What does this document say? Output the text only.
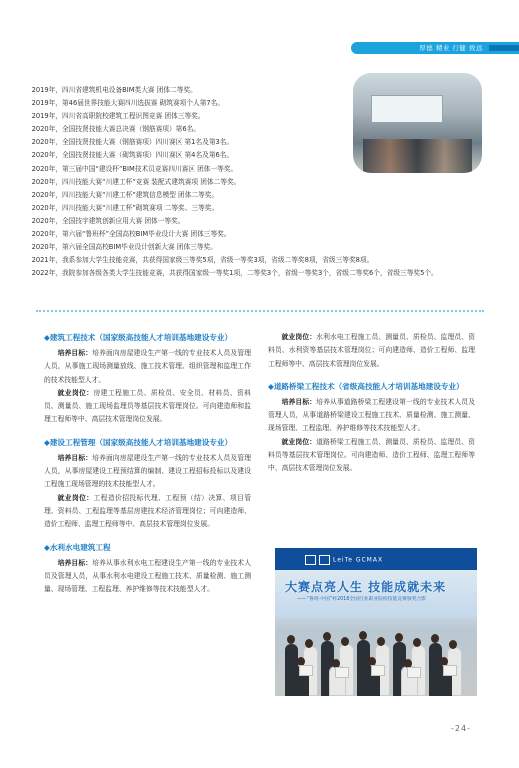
厚德 精业 行健 致远
2019年，四川省建筑机电设备BIM类大赛 团体二等奖。
2019年，第46届世界技能大赛四川选拔赛 砌筑赛项个人第7名。
2019年，四川省高职院校建筑工程识图竞赛 团体三等奖。
2020年，全国技贤技能大赛总决赛（钢筋赛项）第6名。
2020年，全国技贤技能大赛（钢筋赛项）四川赛区 第1名及第3名。
2020年，全国技贤技能大赛（砌筑赛项）四川赛区 第4名及第6名。
2020年，第三届中国“建设杯”BIM技术员竞赛四川赛区 团体一等奖。
2020年，四川技能大赛“川建工杯”竞赛 装配式建筑赛项 团体二等奖。
2020年，四川技能大赛“川建工杯”建筑信息模型 团体二等奖。
2020年，四川技能大赛“川建工杯”砌筑赛项 二等奖、三等奖。
2020年，全国技宇建筑创新应用大赛 团体一等奖。
2020年，第六届“鲁班杯”全国高校BIM毕业设计大赛 团体三等奖。
2020年，第六届全国高校BIM毕业设计创新大赛 团体三等奖。
2021年，我系参加大学生技能竞赛，共获得国家级三等奖5项，省级一等奖3项，省级二等奖8项，省级三等奖8项。
2022年，我院参加各级各类大学生技能竞赛，共获得国家级一等奖1项，二等奖3个，省级一等奖3个，省级二等奖6个，省级三等奖5个。
◆建筑工程技术（国家级高技能人才培训基地建设专业）

培养目标：培养面向房屋建设生产第一线的专业技术人员及管理人员，从事施工现场测量放线、施工技术管理、组织管理和监理工作的技术技能型人才。

就业岗位：房建工程施工员、质检员、安全员、材料员、资料员、测量员、施工现场监理员等基层技术管理岗位。可向建造师和监理工程师等中、高层技术管理岗位发展。

◆建设工程管理（国家级高技能人才培训基地建设专业）

培养目标：培养面向房屋建设生产第一线的专业技术人员及管理人员，从事房屋建设工程预结算的编制、建设工程招标投标以及建设工程施工现场管理的技术技能型人才。

就业岗位：工程造价招投标代理、工程预（结）决算、项目管理、资料员、工程监理等基层房建技术经济管理岗位；可向建造师、造价工程师、监理工程师等中、高层技术管理岗位发展。

◆水利水电建筑工程

培养目标：培养从事水利水电工程建设生产第一线的专业技术人员及管理人员，从事水利水电建设工程施工技术、质量检测、施工测量、现场管理、工程监理、养护维修等技术技能型人才。

就业岗位：水利水电工程施工员、测量员、质检员、监理员、资料员、水利资等基层技术管理岗位；可向建造师、造价工程师、监理工程师等中、高层技术管理岗位发展。

◆道路桥梁工程技术（省级高技能人才培训基地建设专业）

培养目标：培养从事道路桥梁工程建设第一线的专业技术人员及管理人员，从事道路桥梁建设工程施工技术、质量检测、施工测量、现场管理、工程监理、养护维修等技术技能型人才。

就业岗位：道路桥梁工程施工员、测量员、质检员、监理员、资料员等基层技术管理岗位。可向建造师、造价工程师、监理工程师等中、高层技术管理岗位发展。

LeiTe GCMAX
大赛点亮人生 技能成就未来
——“鲁班·中国”杯2018全国行业职业院校技能竞赛颁奖合影
-24-
